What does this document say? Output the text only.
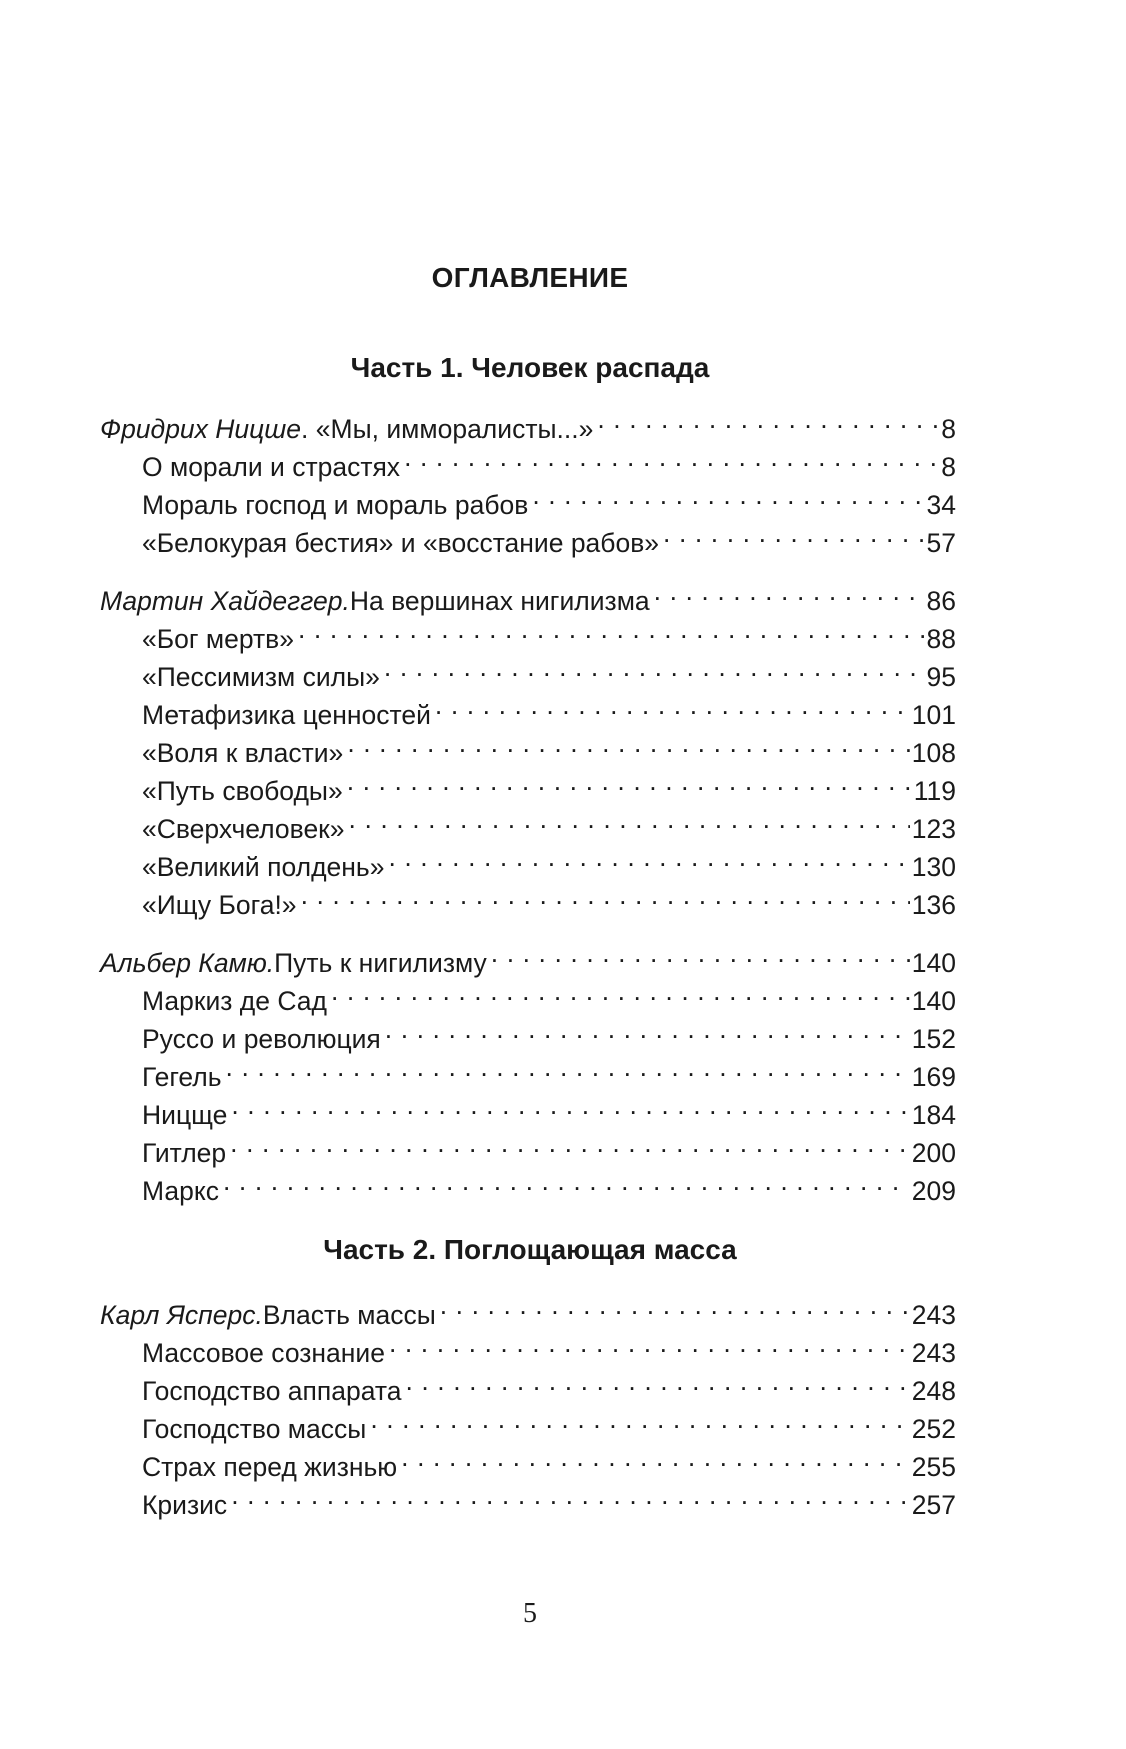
ОГЛАВЛЕНИЕ
Часть 1. Человек распада
Фридрих Ницше . «Мы, имморалисты...» . . .	8
О морали и страстях . . .	8
Мораль господ и мораль рабов . . .	34
«Белокурая бестия» и «восстание рабов» . . .	57
Мартин Хайдеггер. На вершинах нигилизма . . .	86
«Бог мертв» . . .	88
«Пессимизм силы» . . .	95
Метафизика ценностей . . .	101
«Воля к власти» . . .	108
«Путь свободы» . . .	119
«Сверхчеловек» . . .	123
«Великий полдень» . . .	130
«Ищу Бога!» . . .	136
Альбер Камю. Путь к нигилизму . . .	140
Маркиз де Сад . . .	140
Руссо и революция . . .	152
Гегель . . .	169
Ницще . . .	184
Гитлер . . .	200
Маркс . . .	209
Часть 2. Поглощающая масса
Карл Ясперс. Власть массы . . .	243
Массовое сознание . . .	243
Господство аппарата . . .	248
Господство массы . . .	252
Страх перед жизнью . . .	255
Кризис . . .	257
5
